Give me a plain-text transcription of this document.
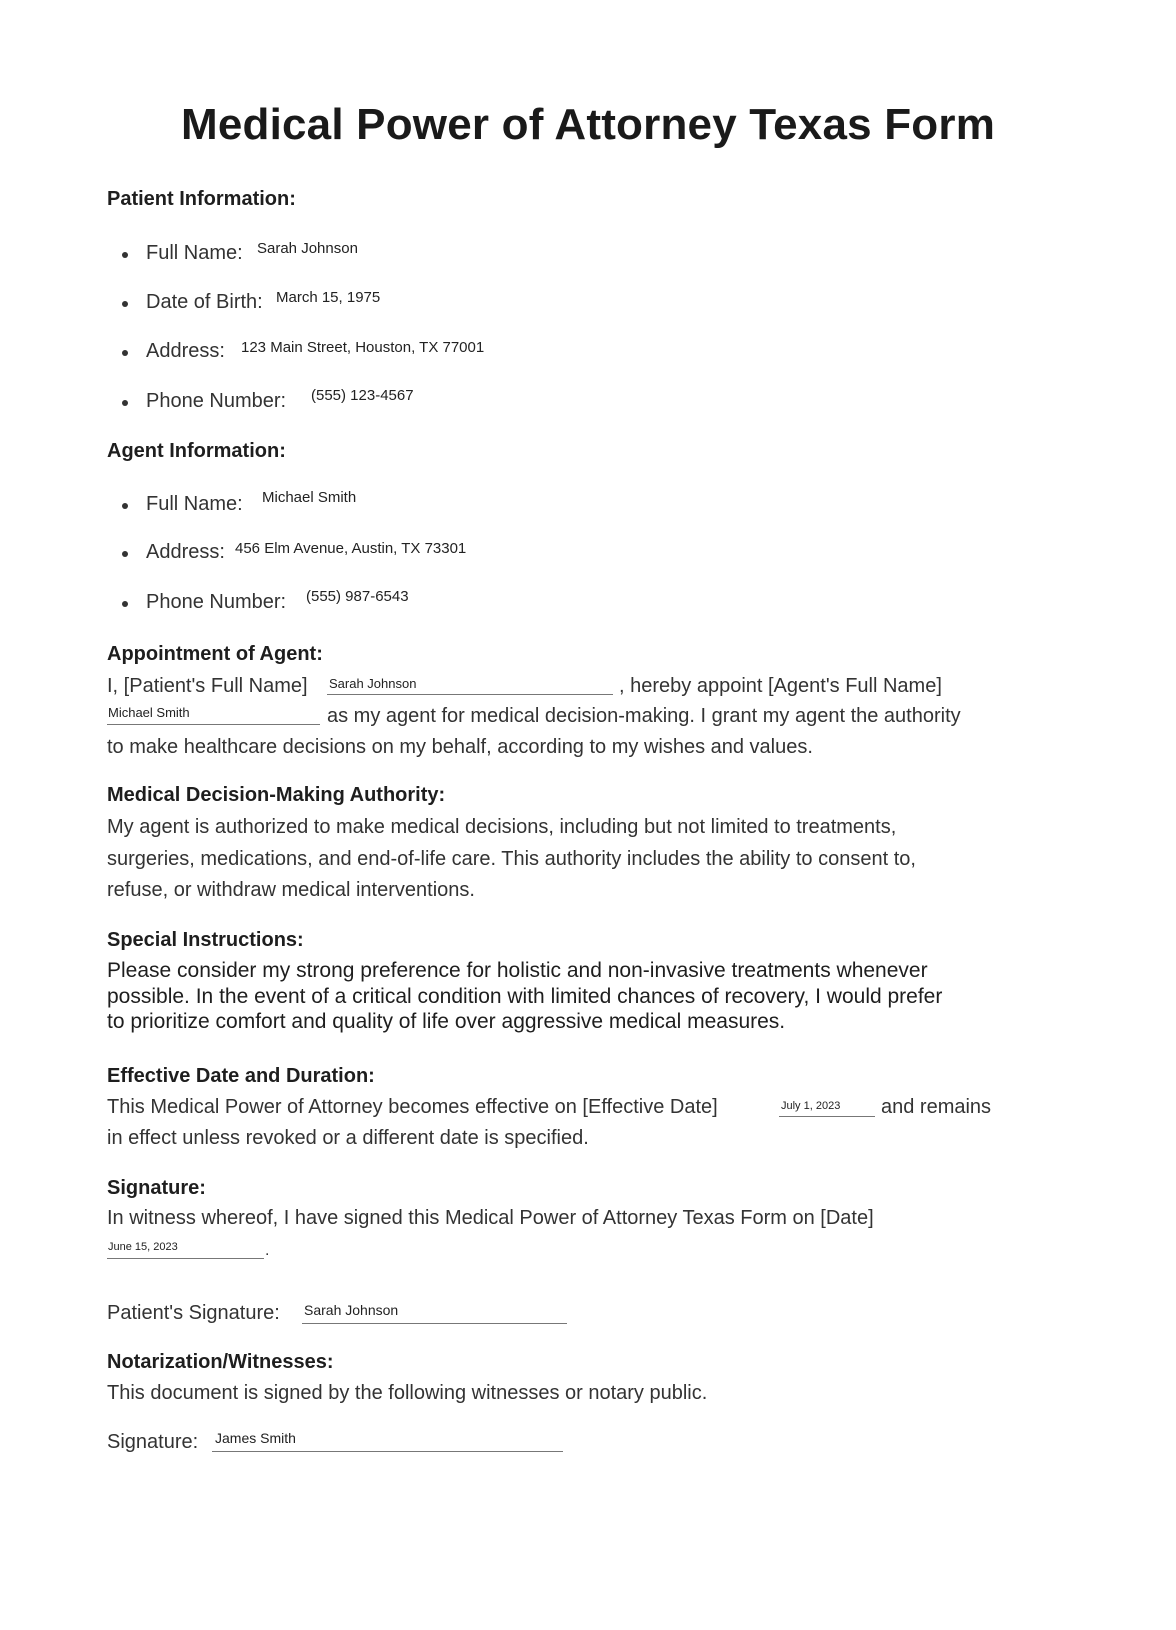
Medical Power of Attorney Texas Form
Patient Information:
Full Name: Sarah Johnson
Date of Birth: March 15, 1975
Address: 123 Main Street, Houston, TX 77001
Phone Number: (555) 123-4567
Agent Information:
Full Name: Michael Smith
Address: 456 Elm Avenue, Austin, TX 73301
Phone Number: (555) 987-6543
Appointment of Agent:
I, [Patient's Full Name] Sarah Johnson	, hereby appoint [Agent's Full Name]
Michael Smith	as my agent for medical decision-making. I grant my agent the authority
to make healthcare decisions on my behalf, according to my wishes and values.
Medical Decision-Making Authority:
My agent is authorized to make medical decisions, including but not limited to treatments,
surgeries, medications, and end-of-life care. This authority includes the ability to consent to,
refuse, or withdraw medical interventions.
Special Instructions:
Please consider my strong preference for holistic and non-invasive treatments whenever
possible. In the event of a critical condition with limited chances of recovery, I would prefer
to prioritize comfort and quality of life over aggressive medical measures.
Effective Date and Duration:
This Medical Power of Attorney becomes effective on [Effective Date]	July 1, 2023 and remains
in effect unless revoked or a different date is specified.
Signature:
In witness whereof, I have signed this Medical Power of Attorney Texas Form on [Date]
June 15, 2023	.
Patient's Signature: Sarah Johnson
Notarization/Witnesses:
This document is signed by the following witnesses or notary public.
Signature: James Smith
